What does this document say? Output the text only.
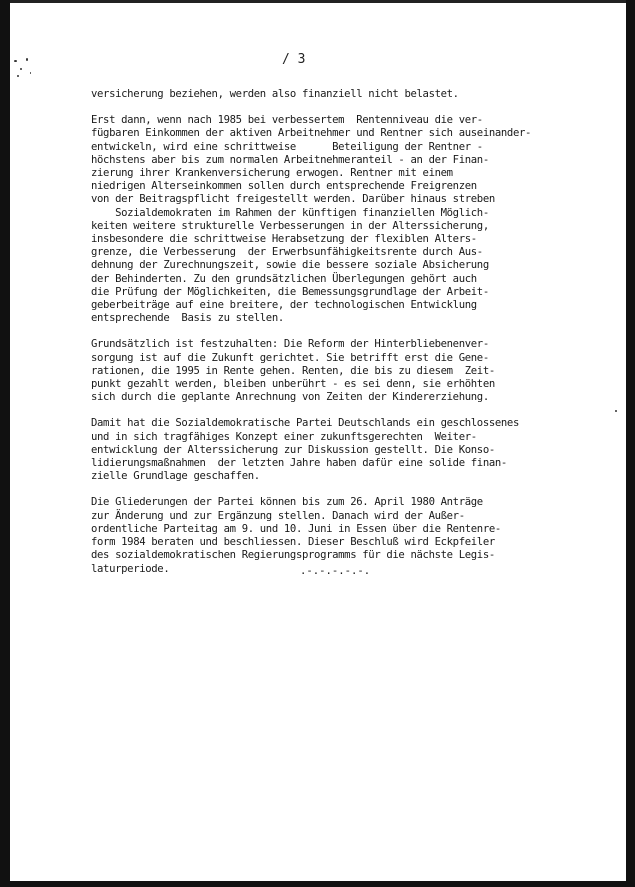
/ 3
versicherung beziehen, werden also finanziell nicht belastet.
Erst dann, wenn nach 1985 bei verbessertem  Rentenniveau die ver-
fügbaren Einkommen der aktiven Arbeitnehmer und Rentner sich auseinander-
entwickeln, wird eine schrittweise      Beteiligung der Rentner -
höchstens aber bis zum normalen Arbeitnehmeranteil - an der Finan-
zierung ihrer Krankenversicherung erwogen. Rentner mit einem
niedrigen Alterseinkommen sollen durch entsprechende Freigrenzen
von der Beitragspflicht freigestellt werden. Darüber hinaus streben
Sozialdemokraten im Rahmen der künftigen finanziellen Möglich-
keiten weitere strukturelle Verbesserungen in der Alterssicherung,
insbesondere die schrittweise Herabsetzung der flexiblen Alters-
grenze, die Verbesserung  der Erwerbsunfähigkeitsrente durch Aus-
dehnung der Zurechnungszeit, sowie die bessere soziale Absicherung
der Behinderten. Zu den grundsätzlichen Überlegungen gehört auch
die Prüfung der Möglichkeiten, die Bemessungsgrundlage der Arbeit-
geberbeiträge auf eine breitere, der technologischen Entwicklung
entsprechende  Basis zu stellen.
Grundsätzlich ist festzuhalten: Die Reform der Hinterbliebenenver-
sorgung ist auf die Zukunft gerichtet. Sie betrifft erst die Gene-
rationen, die 1995 in Rente gehen. Renten, die bis zu diesem  Zeit-
punkt gezahlt werden, bleiben unberührt - es sei denn, sie erhöhten
sich durch die geplante Anrechnung von Zeiten der Kindererziehung.
Damit hat die Sozialdemokratische Partei Deutschlands ein geschlossenes
und in sich tragfähiges Konzept einer zukunftsgerechten  Weiter-
entwicklung der Alterssicherung zur Diskussion gestellt. Die Konso-
lidierungsmaßnahmen  der letzten Jahre haben dafür eine solide finan-
zielle Grundlage geschaffen.
Die Gliederungen der Partei können bis zum 26. April 1980 Anträge
zur Änderung und zur Ergänzung stellen. Danach wird der Außer-
ordentliche Parteitag am 9. und 10. Juni in Essen über die Rentenre-
form 1984 beraten und beschliessen. Dieser Beschluß wird Eckpfeiler
des sozialdemokratischen Regierungsprogramms für die nächste Legis-
laturperiode.	.-.-.-.-.-.
